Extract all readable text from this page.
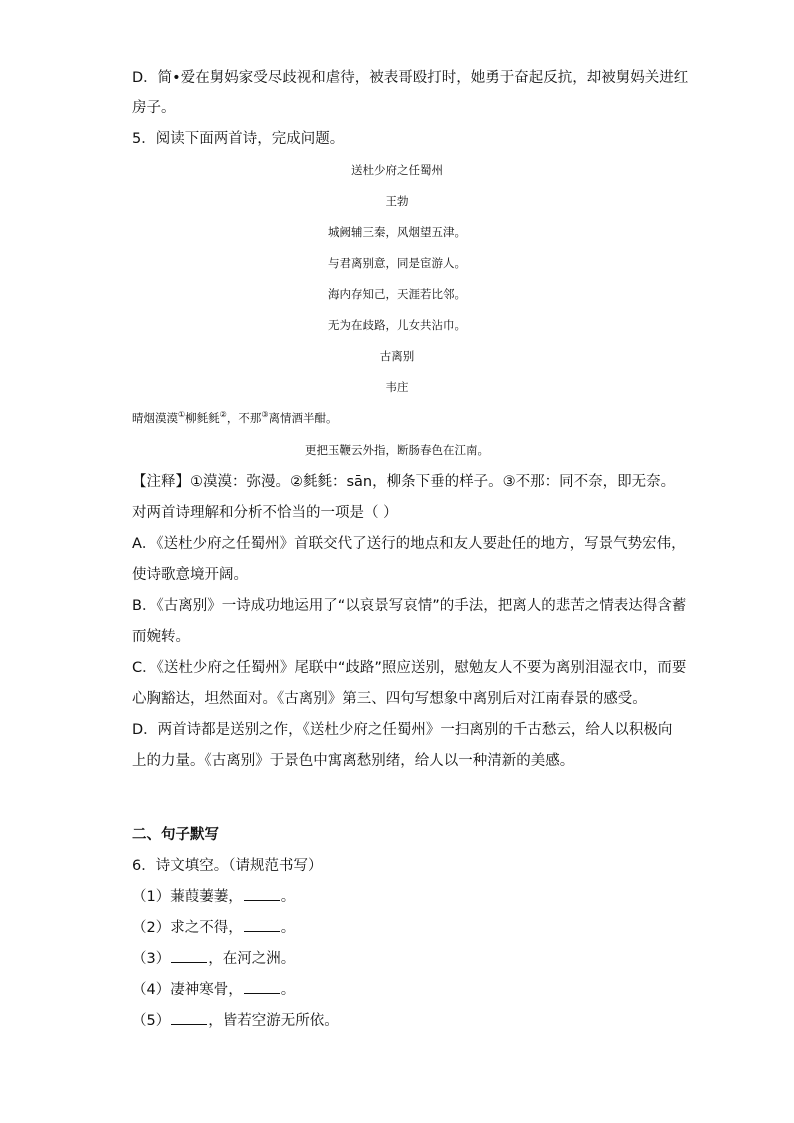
D．简•爱在舅妈家受尽歧视和虐待，被表哥殴打时，她勇于奋起反抗，却被舅妈关进红
房子。
5．阅读下面两首诗，完成问题。
送杜少府之任蜀州
王勃
城阙辅三秦，风烟望五津。
与君离别意，同是宦游人。
海内存知己，天涯若比邻。
无为在歧路，儿女共沾巾。
古离别
韦庄
晴烟漠漠①柳毵毵②，不那③离情酒半酣。
更把玉鞭云外指，断肠春色在江南。
【注释】①漠漠：弥漫。②毵毵：sān，柳条下垂的样子。③不那：同不奈，即无奈。
对两首诗理解和分析不恰当的一项是（ ）
A．《送杜少府之任蜀州》首联交代了送行的地点和友人要赴任的地方，写景气势宏伟，
使诗歌意境开阔。
B．《古离别》一诗成功地运用了“以哀景写哀情”的手法，把离人的悲苦之情表达得含蓄
而婉转。
C．《送杜少府之任蜀州》尾联中“歧路”照应送别，慰勉友人不要为离别泪湿衣巾，而要
心胸豁达，坦然面对。《古离别》第三、四句写想象中离别后对江南春景的感受。
D．两首诗都是送别之作，《送杜少府之任蜀州》一扫离别的千古愁云，给人以积极向
上的力量。《古离别》于景色中寓离愁别绪，给人以一种清新的美感。
二、句子默写
6．诗文填空。（请规范书写）
（1）蒹葭萋萋，	。
（2）求之不得，	。
（3）	，在河之洲。
（4）凄神寒骨，	。
（5）	，皆若空游无所依。
